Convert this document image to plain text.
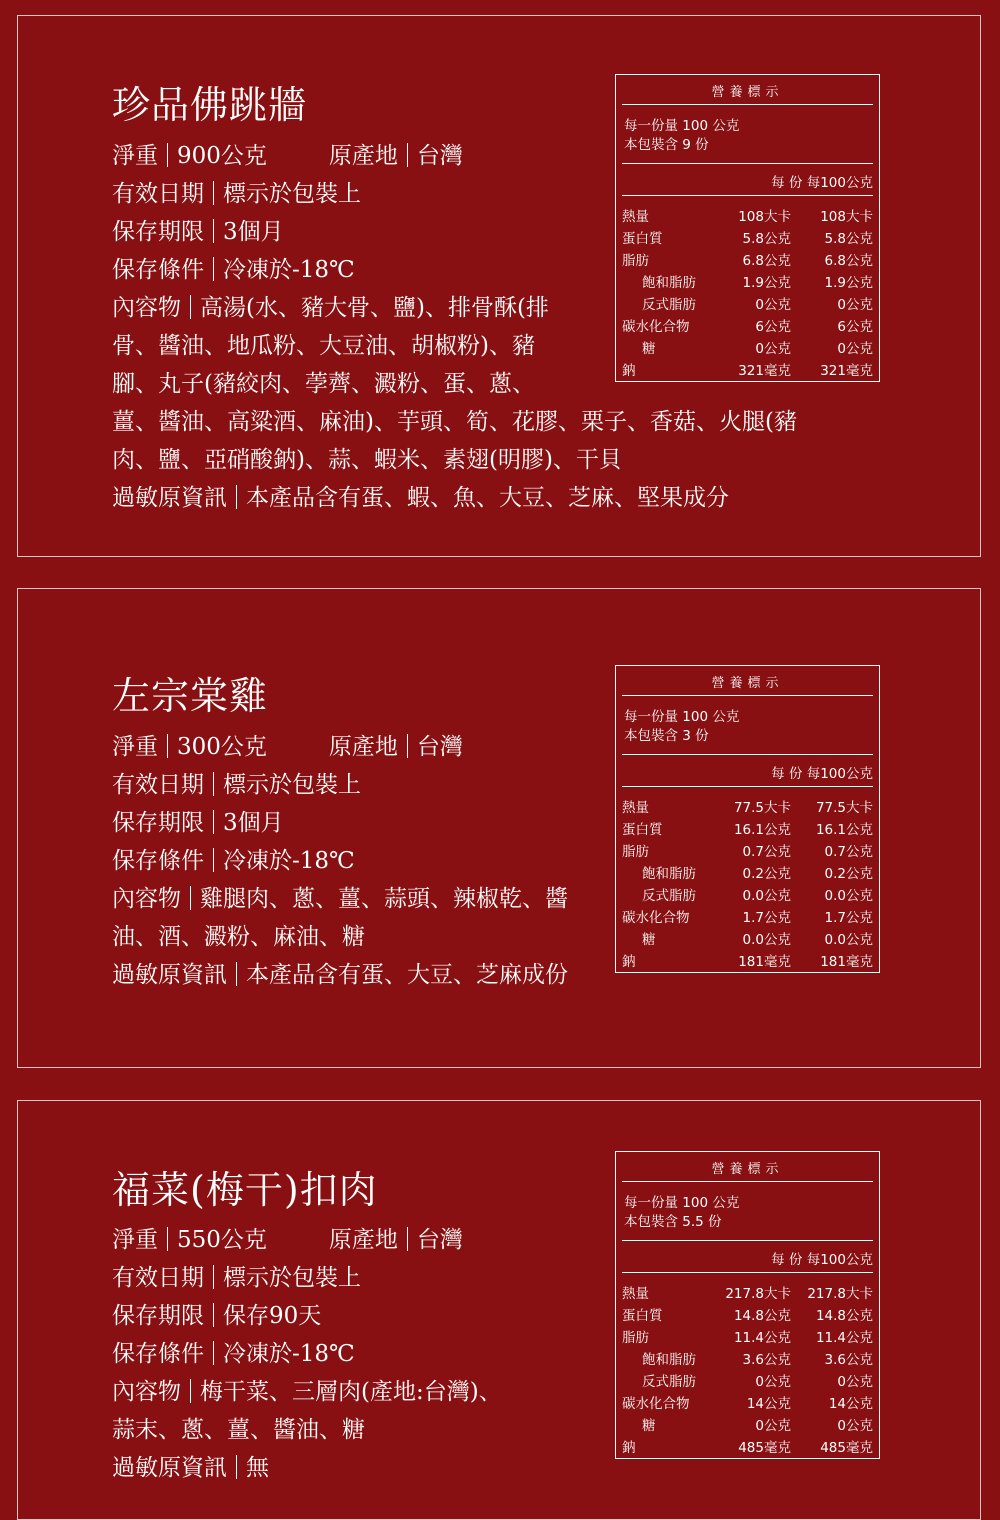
珍品佛跳牆

淨重 900公克	原產地 台灣

有效日期 標示於包裝上

保存期限 3個月

保存條件 冷凍於-18℃

內容物 高湯(水、豬大骨、鹽)、排骨酥(排

骨、醬油、地瓜粉、大豆油、胡椒粉)、豬

腳、丸子(豬絞肉、荸薺、澱粉、蛋、蔥、

薑、醬油、高粱酒、麻油)、芋頭、筍、花膠、栗子、香菇、火腿(豬

肉、鹽、亞硝酸鈉)、蒜、蝦米、素翅(明膠)、干貝

過敏原資訊 本產品含有蛋、蝦、魚、大豆、芝麻、堅果成分

營養標示
每一份量 100 公克
本包裝含 9 份
每 份 每100公克
熱量	108大卡	108大卡
蛋白質	5.8公克	5.8公克
脂肪	6.8公克	6.8公克
飽和脂肪	1.9公克	1.9公克
反式脂肪	0公克	0公克
碳水化合物	6公克	6公克
糖	0公克	0公克
鈉	321毫克	321毫克
左宗棠雞

淨重 300公克	原產地 台灣

有效日期 標示於包裝上

保存期限 3個月

保存條件 冷凍於-18℃

內容物 雞腿肉、蔥、薑、蒜頭、辣椒乾、醬

油、酒、澱粉、麻油、糖

過敏原資訊 本產品含有蛋、大豆、芝麻成份

營養標示
每一份量 100 公克
本包裝含 3 份
每 份 每100公克
熱量	77.5大卡	77.5大卡
蛋白質	16.1公克	16.1公克
脂肪	0.7公克	0.7公克
飽和脂肪	0.2公克	0.2公克
反式脂肪	0.0公克	0.0公克
碳水化合物	1.7公克	1.7公克
糖	0.0公克	0.0公克
鈉	181毫克	181毫克
福菜(梅干)扣肉

淨重 550公克	原產地 台灣

有效日期 標示於包裝上

保存期限 保存90天

保存條件 冷凍於-18℃

內容物 梅干菜、三層肉(產地:台灣)、

蒜末、蔥、薑、醬油、糖

過敏原資訊 無

營養標示
每一份量 100 公克
本包裝含 5.5 份
每 份 每100公克
熱量	217.8大卡	217.8大卡
蛋白質	14.8公克	14.8公克
脂肪	11.4公克	11.4公克
飽和脂肪	3.6公克	3.6公克
反式脂肪	0公克	0公克
碳水化合物	14公克	14公克
糖	0公克	0公克
鈉	485毫克	485毫克
